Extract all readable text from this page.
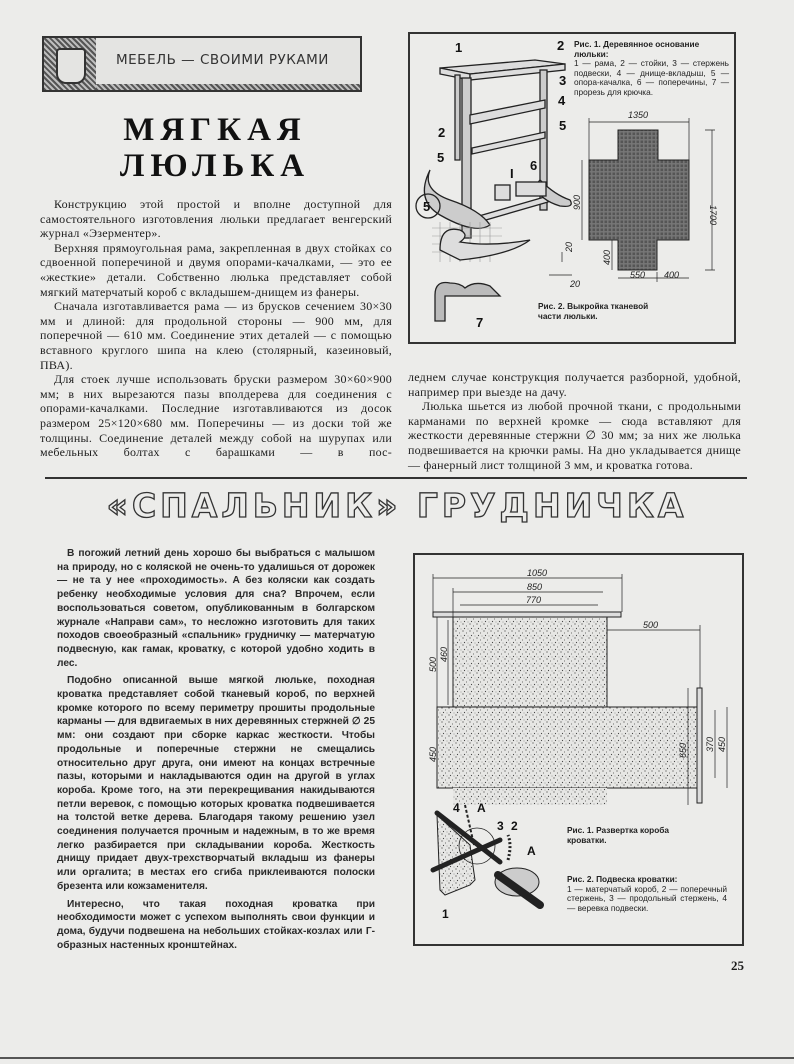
МЕБЕЛЬ — СВОИМИ РУКАМИ
МЯГКАЯ
ЛЮЛЬКА

Конструкцию этой простой и вполне доступной для самостоятельного изготовления люльки предлагает венгерский журнал «Эзерментер».

Верхняя прямоугольная рама, закрепленная в двух стойках со сдвоенной поперечиной и двумя опорами-качалками, — это ее «жесткие» детали. Собственно люлька представляет собой мягкий матерчатый короб с вкладышем-днищем из фанеры.

Сначала изготавливается рама — из брусков сечением 30×30 мм и длиной: для продольной стороны — 900 мм, для поперечной — 610 мм. Соединение этих деталей — с помощью вставного круглого шипа на клею (столярный, казеиновый, ПВА).

Для стоек лучше использовать бруски размером 30×60×900 мм; в них вырезаются пазы вполдерева для соединения с опорами-качалками. Последние изготавливаются из досок размером 25×120×680 мм. Поперечины — из доски той же толщины. Соединение деталей между собой на шурупах или мебельных болтах с барашками — в пос-

леднем случае конструкция получается разборной, удобной, например при выезде на дачу.

Люлька шьется из любой прочной ткани, с продольными карманами по верхней кромке — сюда вставляют для жесткости деревянные стержни ∅ 30 мм; за них же люлька подвешивается на крючки рамы. На дно укладывается днище — фанерный лист толщиной 3 мм, и кроватка готова.

Рис. 1. Деревянное основание люльки:
1 — рама, 2 — стойки, 3 — стержень подвески, 4 — днище-вкладыш, 5 — опора-качалка, 6 — поперечины, 7 — прорезь для крючка.
Рис. 2. Выкройка тканевой
части люльки.
«СПАЛЬНИК» ГРУДНИЧКА

В погожий летний день хорошо бы выбраться с малышом на природу, но с коляской не очень-то удалишься от дорожек — не та у нее «проходимость». А без коляски как создать ребенку необходимые условия для сна? Впрочем, если воспользоваться советом, опубликованным в болгарском журнале «Направи сам», то несложно изготовить для таких походов своеобразный «спальник» грудничку — матерчатую подвесную, как гамак, кроватку, с которой удобно ходить в лес.

Подобно описанной выше мягкой люльке, походная кроватка представляет собой тканевый короб, по верхней кромке которого по всему периметру прошиты продольные карманы — для вдвигаемых в них деревянных стержней ∅ 25 мм: они создают при сборке каркас жесткости. Чтобы продольные и поперечные стержни не смещались относительно друг друга, они имеют на концах встречные пазы, которыми и накладываются один на другой в углах короба. Кроме того, на эти перекрещивания накидываются петли веревок, с помощью которых кроватка подвешивается на толстой ветке дерева. Благодаря такому решению узел соединения получается прочным и надежным, в то же время легко разбирается при складывании короба. Жесткость днищу придает двух-трехстворчатый вкладыш из фанеры или оргалита; в местах его сгиба приклеиваются полоски брезента или кожзаменителя.

Интересно, что такая походная кроватка при необходимости может с успехом выполнять свои функции и дома, будучи подвешена на небольших стойках-козлах или Г-образных настенных кронштейнах.

Рис. 1. Развертка короба
кроватки.
Рис. 2. Подвеска кроватки:
1 — матерчатый короб, 2 — поперечный стержень, 3 — продольный стержень, 4 — веревка подвески.
25
1	2
3
4
5
6
7
I
5
2
5
1350
1700
900
400
550 400
20
20
1050
850
770
500
500
460
450	650 370 450
А
4
3 2
1
А
